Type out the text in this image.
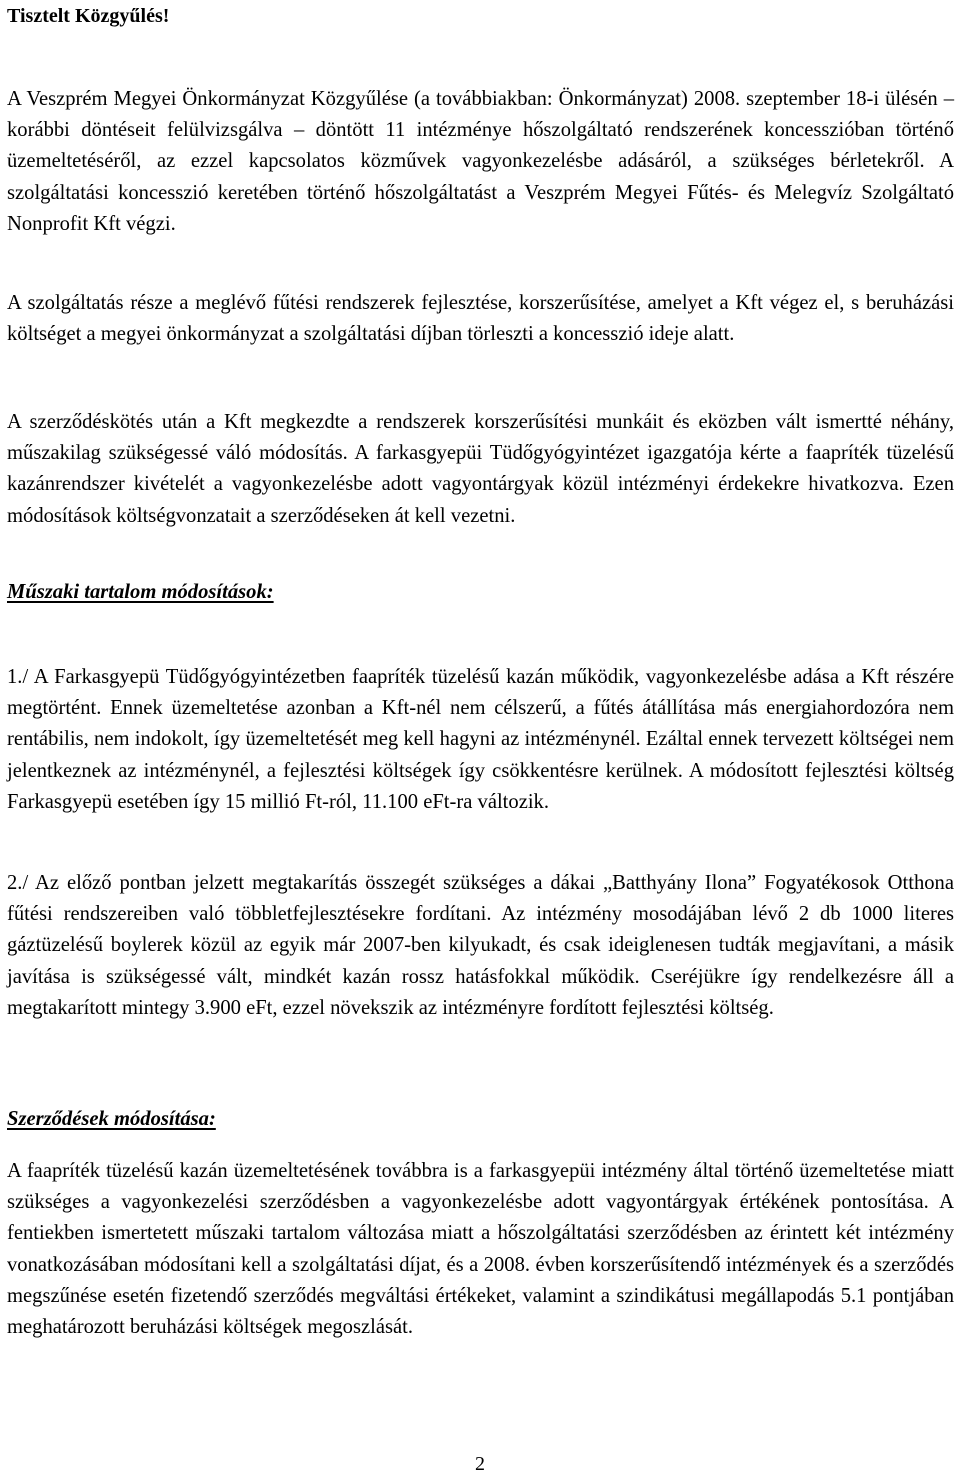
Tisztelt Közgyűlés!

A Veszprém Megyei Önkormányzat Közgyűlése (a továbbiakban: Önkormányzat) 2008. szeptember 18-i ülésén – korábbi döntéseit felülvizsgálva – döntött 11 intézménye hőszolgáltató rendszerének koncesszióban történő üzemeltetéséről, az ezzel kapcsolatos közművek vagyonkezelésbe adásáról, a szükséges bérletekről. A szolgáltatási koncesszió keretében történő hőszolgáltatást a Veszprém Megyei Fűtés- és Melegvíz Szolgáltató Nonprofit Kft végzi.

A szolgáltatás része a meglévő fűtési rendszerek fejlesztése, korszerűsítése, amelyet a Kft végez el, s beruházási költséget a megyei önkormányzat a szolgáltatási díjban törleszti a koncesszió ideje alatt.

A szerződéskötés után a Kft megkezdte a rendszerek korszerűsítési munkáit és eközben vált ismertté néhány, műszakilag szükségessé váló módosítás. A farkasgyepüi Tüdőgyógyintézet igazgatója kérte a faapríték tüzelésű kazánrendszer kivételét a vagyonkezelésbe adott vagyontárgyak közül intézményi érdekekre hivatkozva. Ezen módosítások költségvonzatait a szerződéseken át kell vezetni.

Műszaki tartalom módosítások:

1./ A Farkasgyepü Tüdőgyógyintézetben faapríték tüzelésű kazán működik, vagyonkezelésbe adása a Kft részére megtörtént. Ennek üzemeltetése azonban a Kft-nél nem célszerű, a fűtés átállítása más energiahordozóra nem rentábilis, nem indokolt, így üzemeltetését meg kell hagyni az intézménynél. Ezáltal ennek tervezett költségei nem jelentkeznek az intézménynél, a fejlesztési költségek így csökkentésre kerülnek. A módosított fejlesztési költség Farkasgyepü esetében így 15 millió Ft-ról, 11.100 eFt-ra változik.

2./ Az előző pontban jelzett megtakarítás összegét szükséges a dákai „Batthyány Ilona” Fogyatékosok Otthona fűtési rendszereiben való többletfejlesztésekre fordítani. Az intézmény mosodájában lévő 2 db 1000 literes gáztüzelésű boylerek közül az egyik már 2007-ben kilyukadt, és csak ideiglenesen tudták megjavítani, a másik javítása is szükségessé vált, mindkét kazán rossz hatásfokkal működik. Cseréjükre így rendelkezésre áll a megtakarított mintegy 3.900 eFt, ezzel növekszik az intézményre fordított fejlesztési költség.

Szerződések módosítása:

A faapríték tüzelésű kazán üzemeltetésének továbbra is a farkasgyepüi intézmény által történő üzemeltetése miatt szükséges a vagyonkezelési szerződésben a vagyonkezelésbe adott vagyontárgyak értékének pontosítása. A fentiekben ismertetett műszaki tartalom változása miatt a hőszolgáltatási szerződésben az érintett két intézmény vonatkozásában módosítani kell a szolgáltatási díjat, és a 2008. évben korszerűsítendő intézmények és a szerződés megszűnése esetén fizetendő szerződés megváltási értékeket, valamint a szindikátusi megállapodás 5.1 pontjában meghatározott beruházási költségek megoszlását.

2
